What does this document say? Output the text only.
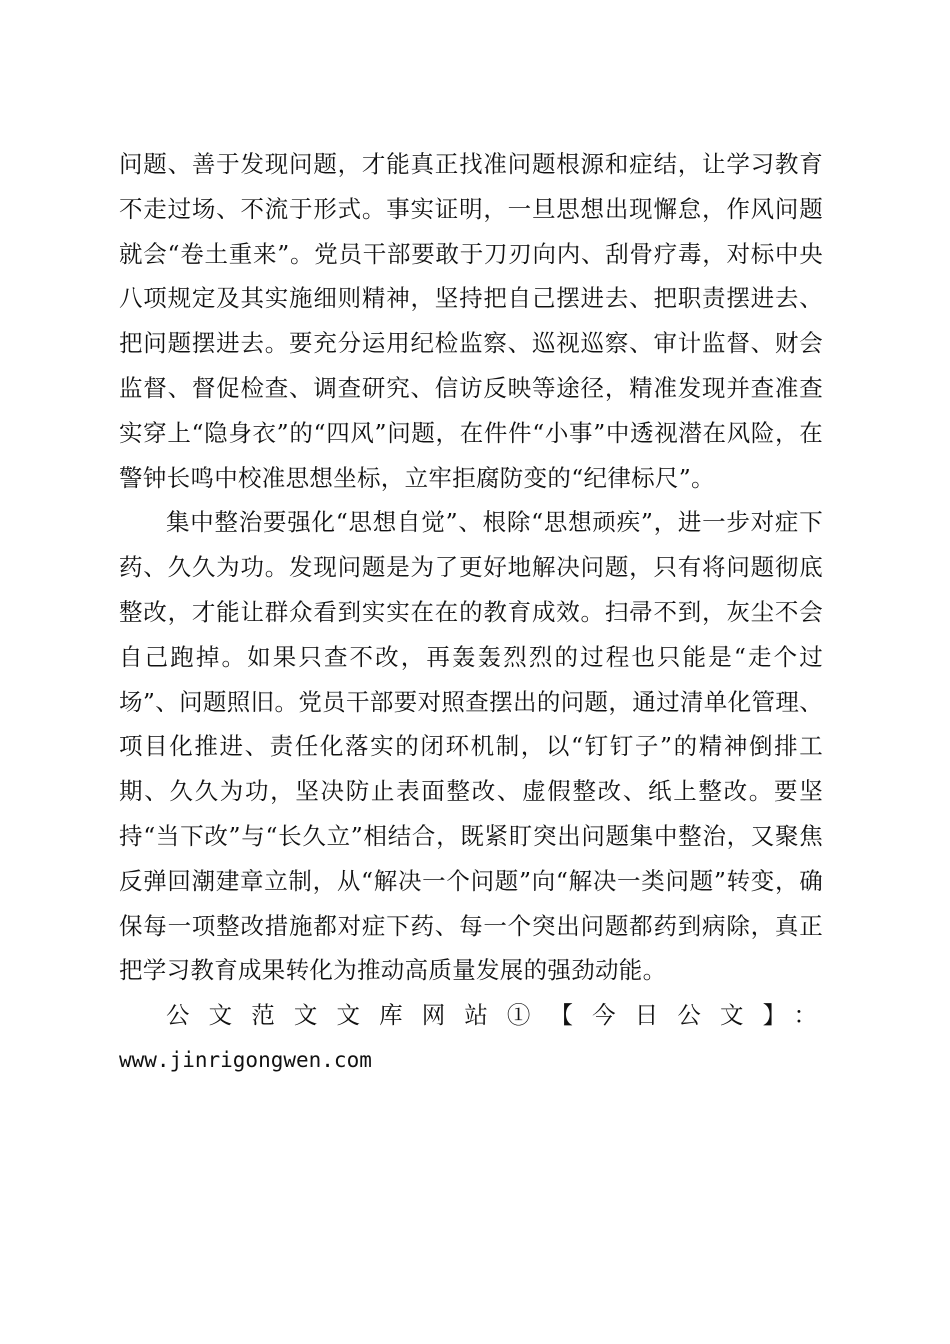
问题、善于发现问题，才能真正找准问题根源和症结，让学习教育不走过场、不流于形式。事实证明，一旦思想出现懈怠，作风问题就会“卷土重来”。党员干部要敢于刀刃向内、刮骨疗毒，对标中央八项规定及其实施细则精神，坚持把自己摆进去、把职责摆进去、把问题摆进去。要充分运用纪检监察、巡视巡察、审计监督、财会监督、督促检查、调查研究、信访反映等途径，精准发现并查准查实穿上“隐身衣”的“四风”问题，在件件“小事”中透视潜在风险，在警钟长鸣中校准思想坐标，立牢拒腐防变的“纪律标尺”。

集中整治要强化“思想自觉”、根除“思想顽疾”，进一步对症下药、久久为功。发现问题是为了更好地解决问题，只有将问题彻底整改，才能让群众看到实实在在的教育成效。扫帚不到，灰尘不会自己跑掉。如果只查不改，再轰轰烈烈的过程也只能是“走个过场”、问题照旧。党员干部要对照查摆出的问题，通过清单化管理、项目化推进、责任化落实的闭环机制，以“钉钉子”的精神倒排工期、久久为功，坚决防止表面整改、虚假整改、纸上整改。要坚持“当下改”与“长久立”相结合，既紧盯突出问题集中整治，又聚焦反弹回潮建章立制，从“解决一个问题”向“解决一类问题”转变，确保每一项整改措施都对症下药、每一个突出问题都药到病除，真正把学习教育成果转化为推动高质量发展的强劲动能。

公文范文文库网站①【今日公文】：

www.jinrigongwen.com
